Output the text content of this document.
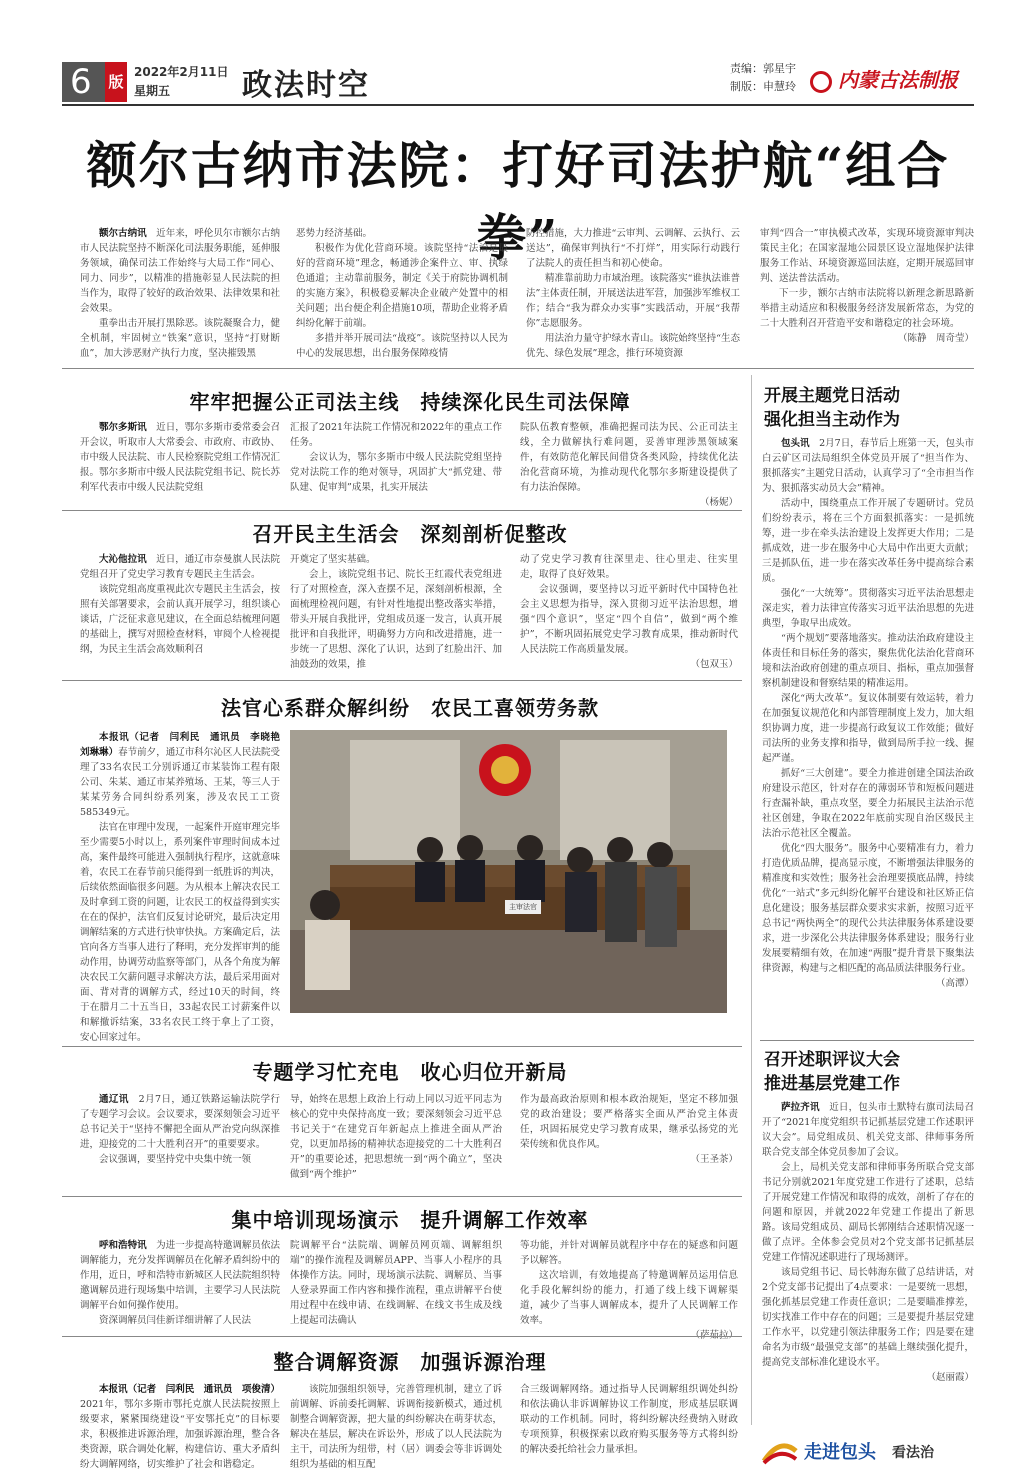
6	版
2022年2月11日
星期五	政法时空	责编：郭星宇
制版：申慧玲	内蒙古法制报
额尔古纳市法院：打好司法护航“组合拳”

额尔古纳讯　 近年来，呼伦贝尔市额尔古纳市人民法院坚持不断深化司法服务职能，延伸服务领域，确保司法工作始终与大局工作“同心、同力、同步”，以精准的措施彰显人民法院的担当作为，取得了较好的政治效果、法律效果和社会效果。

重拳出击开展打黑除恶。该院凝聚合力，健全机制，牢固树立“铁案”意识，坚持“打财断血”，加大涉恶财产执行力度，坚决摧毁黑

恶势力经济基础。

积极作为优化营商环境。该院坚持“法治是最好的营商环境”理念，畅通涉企案件立、审、执绿色通道；主动靠前服务，制定《关于府院协调机制的实施方案》，积极稳妥解决企业破产处置中的相关问题；出台便企利企措施10项，帮助企业将矛盾纠纷化解于前端。

多措并举开展司法“战疫”。该院坚持以人民为中心的发展思想，出台服务保障疫情

防控措施，大力推进“云审判、云调解、云执行、云送达”，确保审判执行“不打烊”，用实际行动践行了法院人的责任担当和初心使命。

精准靠前助力市域治理。该院落实“谁执法谁普法”主体责任制，开展送法进军营，加强涉军维权工作；结合“我为群众办实事”实践活动，开展“我帮你”志愿服务。

用法治力量守护绿水青山。该院始终坚持“生态优先、绿色发展”理念，推行环境资源

审判“四合一”审执模式改革，实现环境资源审判决策民主化；在国家湿地公园景区设立湿地保护法律服务工作站、环境资源巡回法庭，定期开展巡回审判、送法普法活动。

下一步，额尔古纳市法院将以新理念新思路新举措主动适应和积极服务经济发展新常态，为党的二十大胜利召开营造平安和谐稳定的社会环境。

（陈静　周奇莹）
牢牢把握公正司法主线　持续深化民生司法保障

鄂尔多斯讯　 近日，鄂尔多斯市委常委会召开会议，听取市人大常委会、市政府、市政协、市中级人民法院、市人民检察院党组工作情况汇报。鄂尔多斯市中级人民法院党组书记、院长苏利军代表市中级人民法院党组

汇报了2021年法院工作情况和2022年的重点工作任务。

会议认为，鄂尔多斯市中级人民法院党组坚持党对法院工作的绝对领导，巩固扩大“抓党建、带队建、促审判”成果，扎实开展法

院队伍教育整顿，准确把握司法为民、公正司法主线，全力做解执行难问题，妥善审理涉黑领域案件，有效防范化解民间借贷各类风险，持续优化法治化营商环境，为推动现代化鄂尔多斯建设提供了有力法治保障。

（杨妮）
召开民主生活会　深刻剖析促整改

大沁他拉讯　 近日，通辽市奈曼旗人民法院党组召开了党史学习教育专题民主生活会。

该院党组高度重视此次专题民主生活会，按照有关部署要求，会前认真开展学习，组织谈心谈话，广泛征求意见建议，在全面总结梳理问题的基础上，撰写对照检查材料，审阅个人检视提纲，为民主生活会高效顺利召

开奠定了坚实基础。

会上，该院党组书记、院长王红霞代表党组进行了对照检查，深入查摆不足，深刻剖析根源，全面梳理检视问题，有针对性地提出整改落实举措，带头开展自我批评，党组成员逐一发言，认真开展批评和自我批评，明确努力方向和改进措施，进一步统一了思想、深化了认识，达到了红脸出汗、加油鼓劲的效果，推

动了党史学习教育往深里走、往心里走、往实里走，取得了良好效果。

会议强调，要坚持以习近平新时代中国特色社会主义思想为指导，深入贯彻习近平法治思想，增强“四个意识”，坚定“四个自信”，做到“两个维护”，不断巩固拓展党史学习教育成果，推动新时代人民法院工作高质量发展。

（包双玉）
法官心系群众解纠纷　农民工喜领劳务款

本报讯（记者　闫利民　通讯员　李晓艳　刘琳琳）春节前夕，通辽市科尔沁区人民法院受理了33名农民工分别诉通辽市某装饰工程有限公司、朱某、通辽市某养殖场、王某，等三人于某某劳务合同纠纷系列案，涉及农民工工资585349元。

法官在审理中发现，一起案件开庭审理完毕至少需要5小时以上，系列案件审理时间成本过高，案件最终可能进入强制执行程序，这就意味着，农民工在春节前只能得到一纸胜诉的判决，后续依然面临很多问题。为从根本上解决农民工及时拿到工资的问题，让农民工的权益得到实实在在的保护，法官们反复讨论研究，最后决定用调解结案的方式进行快审快执。方案确定后，法官向各方当事人进行了释明，充分发挥审判的能动作用，协调劳动监察等部门，从各个角度为解决农民工欠薪问题寻求解决方法，最后采用面对面、背对背的调解方式，经过10天的时间，终于在腊月二十五当日，33起农民工讨薪案件以和解撤诉结案，33名农民工终于拿上了工资，安心回家过年。

主审法官
专题学习忙充电　收心归位开新局

通辽讯　 2月7日，通辽铁路运输法院学行了专题学习会议。会议要求，要深刻领会习近平总书记关于“坚持不懈把全面从严治党向纵深推进，迎接党的二十大胜利召开”的重要要求。

会议强调，要坚持党中央集中统一领

导，始终在思想上政治上行动上同以习近平同志为核心的党中央保持高度一致；要深刻领会习近平总书记关于“在建党百年新起点上推进全面从严治党，以更加昂扬的精神状态迎接党的二十大胜利召开”的重要论述，把思想统一到“两个确立”，坚决做到“两个维护”

作为最高政治原则和根本政治规矩，坚定不移加强党的政治建设；要严格落实全面从严治党主体责任，巩固拓展党史学习教育成果，继承弘扬党的光荣传统和优良作风。

（王圣茶）
集中培训现场演示　提升调解工作效率

呼和浩特讯　 为进一步提高特邀调解员依法调解能力，充分发挥调解员在化解矛盾纠纷中的作用，近日，呼和浩特市新城区人民法院组织特邀调解员进行现场集中培训，主要学习人民法院调解平台如何操作使用。

资深调解员闫佳新详细讲解了人民法

院调解平台“法院端、调解员网页端、调解组织端”的操作流程及调解员APP、当事人小程序的具体操作方法。同时，现场演示法院、调解员、当事人登录界面工作内容和操作流程，重点讲解平台使用过程中在线申请、在线调解、在线文书生成及线上提起司法确认

等功能，并针对调解员就程序中存在的疑惑和问题予以解答。

这次培训，有效地提高了特邀调解员运用信息化手段化解纠纷的能力，打通了线上线下调解渠道，减少了当事人调解成本，提升了人民调解工作效率。

整合调解资源　加强诉源治理

本报讯（记者　闫利民　通讯员　项俊清）2021年，鄂尔多斯市鄂托克旗人民法院按照上级要求，紧紧围绕建设“平安鄂托克”的目标要求，积极推进诉源治理，加强诉源治理，整合各类资源，联合调处化解，构建信访、重大矛盾纠纷大调解网络，切实维护了社会和谐稳定。

该院加强组织领导，完善管理机制，建立了诉前调解、诉前委托调解、诉调衔接新模式，通过机制整合调解资源，把大量的纠纷解决在萌芽状态，解决在基层，解决在诉讼外，形成了以人民法院为主干，司法所为纽带，村（居）调委会等非诉调处组织为基础的相互配

合三级调解网络。通过指导人民调解组织调处纠纷和依法确认非诉调解协议工作制度，形成基层联调联动的工作机制。同时，将纠纷解决经费纳入财政专项预算，积极探索以政府购买服务等方式将纠纷的解决委托给社会力量承担。

开展主题党日活动
强化担当主动作为

包头讯　 2月7日，春节后上班第一天，包头市白云矿区司法局组织全体党员开展了“担当作为、狠抓落实”主题党日活动，认真学习了“全市担当作为、狠抓落实动员大会”精神。

活动中，围绕重点工作开展了专题研讨。党员们纷纷表示，将在三个方面狠抓落实：一是抓统筹，进一步在牵头法治建设上发挥更大作用；二是抓成效，进一步在服务中心大局中作出更大贡献；三是抓队伍，进一步在落实改革任务中提高综合素质。

强化“一大统筹”。贯彻落实习近平法治思想走深走实，着力法律宣传落实习近平法治思想的先进典型，争取早出成效。

“两个规划”要落地落实。推动法治政府建设主体责任和目标任务的落实，聚焦优化法治化营商环境和法治政府创建的重点项目、指标，重点加强督察机制建设和督察结果的精准运用。

深化“两大改革”。复议体制要有效运转，着力在加强复议规范化和内部管理制度上发力，加大组织协调力度，进一步提高行政复议工作效能；做好司法所的业务支撑和指导，做到局所手拉一线、握起严谨。

抓好“三大创建”。要全力推进创建全国法治政府建设示范区，针对存在的薄弱环节和短板问题进行查漏补缺，重点攻坚，要全力拓展民主法治示范社区创建，争取在2022年底前实现自治区级民主法治示范社区全覆盖。

优化“四大服务”。服务中心要精准有力，着力打造优质品牌，提高显示度，不断增强法律服务的精准度和实效性；服务社会治理要摸底品牌，持续优化“一站式”多元纠纷化解平台建设和社区矫正信息化建设；服务基层群众要求实求新，按照习近平总书记“两快两全”的现代公共法律服务体系建设要求，进一步深化公共法律服务体系建设；服务行业发展要精细有效，在加速“两服”提升背景下聚集法律资源，构建与之相匹配的高品质法律服务行业。

（高潭）
召开述职评议大会
推进基层党建工作

萨拉齐讯　 近日，包头市土默特右旗司法局召开了“2021年度党组织书记抓基层党建工作述职评议大会”。局党组成员、机关党支部、律师事务所联合党支部全体党员参加了会议。

会上，局机关党支部和律师事务所联合党支部书记分别就2021年度党建工作进行了述职，总结了开展党建工作情况和取得的成效，剖析了存在的问题和原因，并就2022年党建工作提出了新思路。该局党组成员、副局长郭刚结合述职情况逐一做了点评。全体参会党员对2个党支部书记抓基层党建工作情况述职进行了现场测评。

该局党组书记、局长韩海东做了总结讲话，对2个党支部书记提出了4点要求：一是要统一思想，强化抓基层党建工作责任意识；二是要瞄准撑差，切实找准工作中存在的问题；三是要提升基层党建工作水平，以党建引领法律服务工作；四是要在建命名为市级“最强党支部”的基础上继续强化提升，提高党支部标准化建设水平。

（赵丽霞）
走进包头 看法治
